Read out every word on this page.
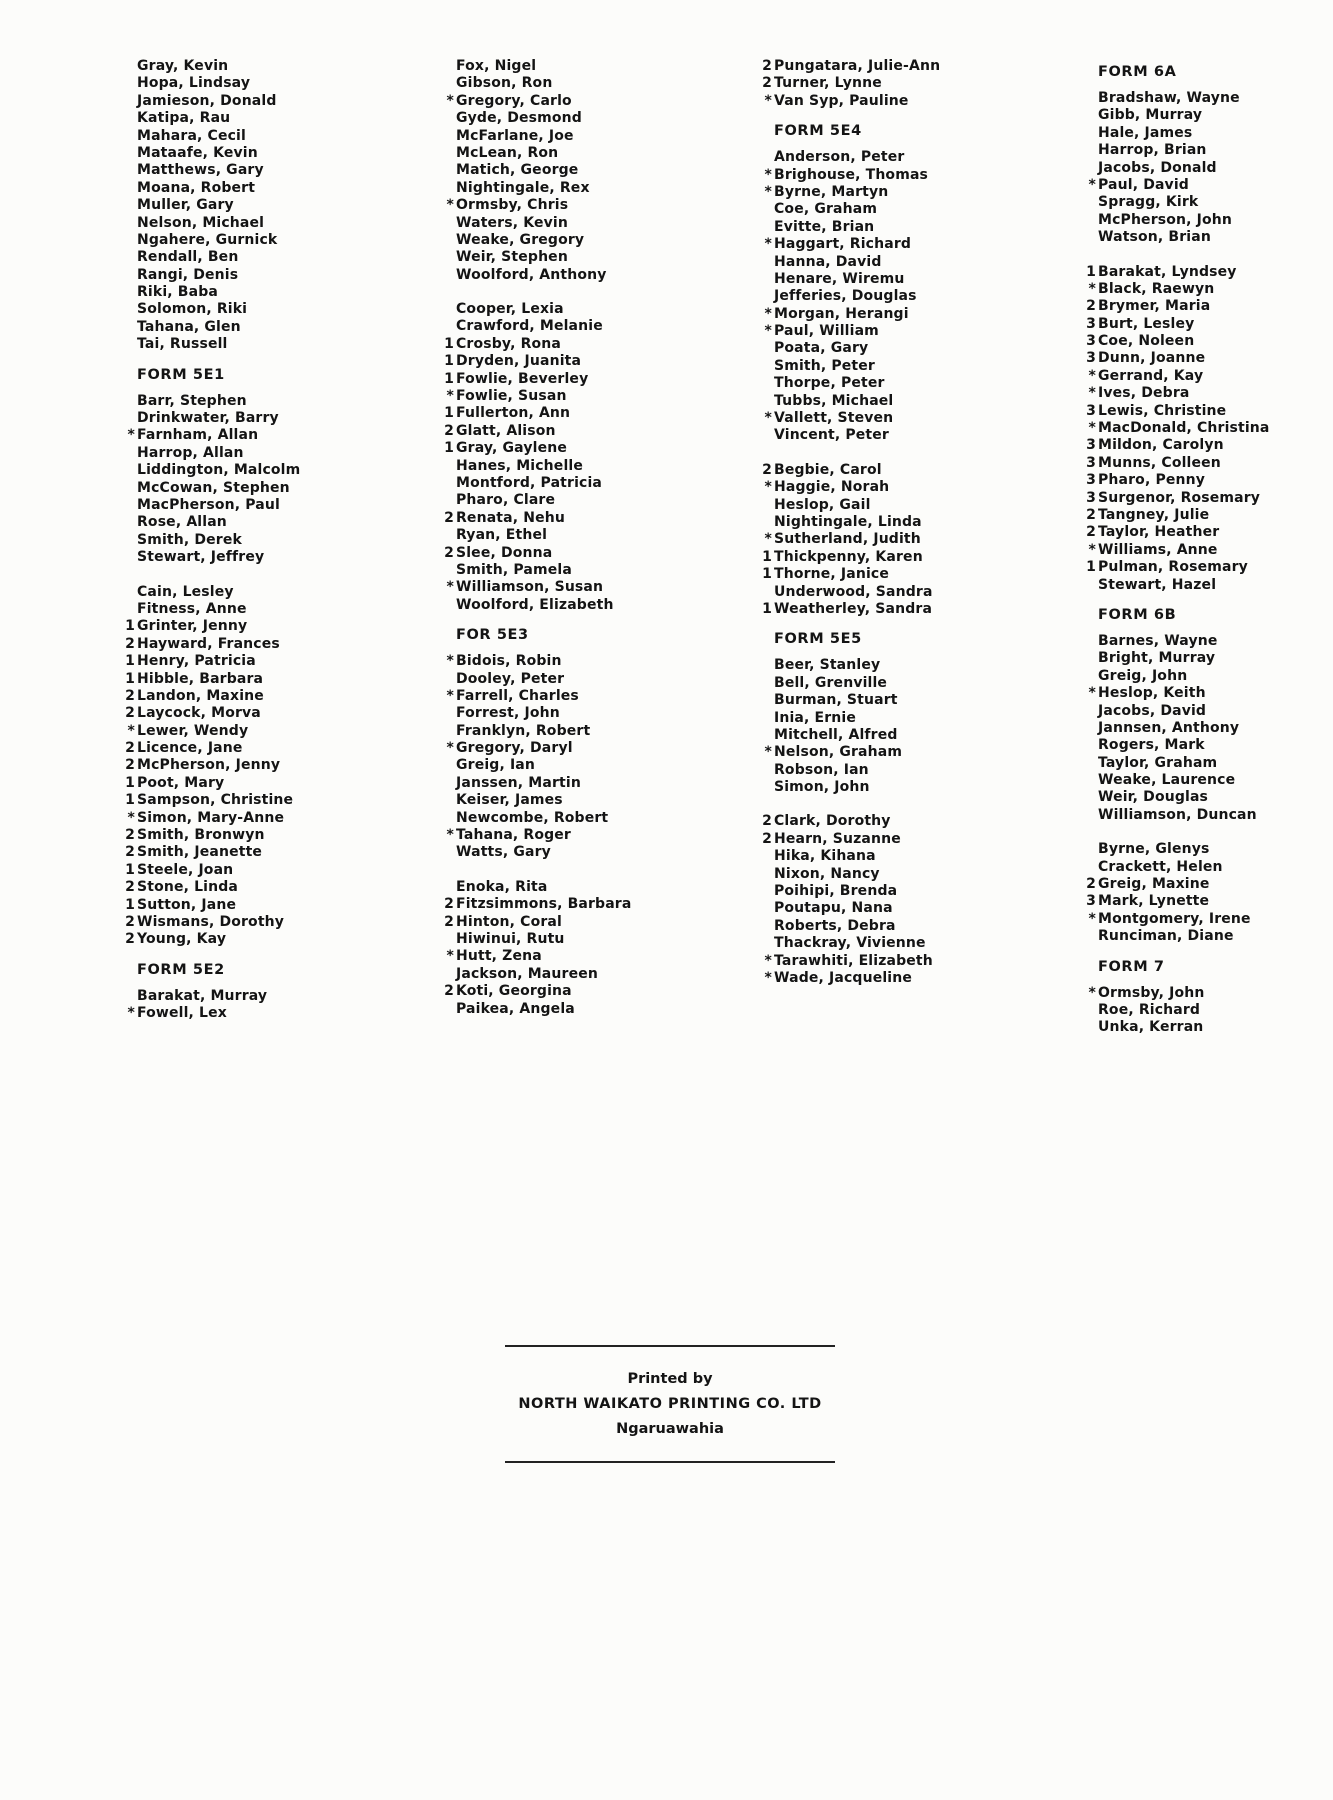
Gray, Kevin
Hopa, Lindsay
Jamieson, Donald
Katipa, Rau
Mahara, Cecil
Mataafe, Kevin
Matthews, Gary
Moana, Robert
Muller, Gary
Nelson, Michael
Ngahere, Gurnick
Rendall, Ben
Rangi, Denis
Riki, Baba
Solomon, Riki
Tahana, Glen
Tai, Russell
FORM 5E1
Barr, Stephen
Drinkwater, Barry
* Farnham, Allan
Harrop, Allan
Liddington, Malcolm
McCowan, Stephen
MacPherson, Paul
Rose, Allan
Smith, Derek
Stewart, Jeffrey
Cain, Lesley
Fitness, Anne
1 Grinter, Jenny
2 Hayward, Frances
1 Henry, Patricia
1 Hibble, Barbara
2 Landon, Maxine
2 Laycock, Morva
* Lewer, Wendy
2 Licence, Jane
2 McPherson, Jenny
1 Poot, Mary
1 Sampson, Christine
* Simon, Mary-Anne
2 Smith, Bronwyn
2 Smith, Jeanette
1 Steele, Joan
2 Stone, Linda
1 Sutton, Jane
2 Wismans, Dorothy
2 Young, Kay
FORM 5E2
Barakat, Murray
* Fowell, Lex
Fox, Nigel
Gibson, Ron
* Gregory, Carlo
Gyde, Desmond
McFarlane, Joe
McLean, Ron
Matich, George
Nightingale, Rex
* Ormsby, Chris
Waters, Kevin
Weake, Gregory
Weir, Stephen
Woolford, Anthony
Cooper, Lexia
Crawford, Melanie
1 Crosby, Rona
1 Dryden, Juanita
1 Fowlie, Beverley
* Fowlie, Susan
1 Fullerton, Ann
2 Glatt, Alison
1 Gray, Gaylene
Hanes, Michelle
Montford, Patricia
Pharo, Clare
2 Renata, Nehu
Ryan, Ethel
2 Slee, Donna
Smith, Pamela
* Williamson, Susan
Woolford, Elizabeth
FOR 5E3
* Bidois, Robin
Dooley, Peter
* Farrell, Charles
Forrest, John
Franklyn, Robert
* Gregory, Daryl
Greig, Ian
Janssen, Martin
Keiser, James
Newcombe, Robert
* Tahana, Roger
Watts, Gary
Enoka, Rita
2 Fitzsimmons, Barbara
2 Hinton, Coral
Hiwinui, Rutu
* Hutt, Zena
Jackson, Maureen
2 Koti, Georgina
Paikea, Angela
2 Pungatara, Julie-Ann
2 Turner, Lynne
* Van Syp, Pauline
FORM 5E4
Anderson, Peter
* Brighouse, Thomas
* Byrne, Martyn
Coe, Graham
Evitte, Brian
* Haggart, Richard
Hanna, David
Henare, Wiremu
Jefferies, Douglas
* Morgan, Herangi
* Paul, William
Poata, Gary
Smith, Peter
Thorpe, Peter
Tubbs, Michael
* Vallett, Steven
Vincent, Peter
2 Begbie, Carol
* Haggie, Norah
Heslop, Gail
Nightingale, Linda
* Sutherland, Judith
1 Thickpenny, Karen
1 Thorne, Janice
Underwood, Sandra
1 Weatherley, Sandra
FORM 5E5
Beer, Stanley
Bell, Grenville
Burman, Stuart
Inia, Ernie
Mitchell, Alfred
* Nelson, Graham
Robson, Ian
Simon, John
2 Clark, Dorothy
2 Hearn, Suzanne
Hika, Kihana
Nixon, Nancy
Poihipi, Brenda
Poutapu, Nana
Roberts, Debra
Thackray, Vivienne
* Tarawhiti, Elizabeth
* Wade, Jacqueline
FORM 6A
Bradshaw, Wayne
Gibb, Murray
Hale, James
Harrop, Brian
Jacobs, Donald
* Paul, David
Spragg, Kirk
McPherson, John
Watson, Brian
1 Barakat, Lyndsey
* Black, Raewyn
2 Brymer, Maria
3 Burt, Lesley
3 Coe, Noleen
3 Dunn, Joanne
* Gerrand, Kay
* Ives, Debra
3 Lewis, Christine
* MacDonald, Christina
3 Mildon, Carolyn
3 Munns, Colleen
3 Pharo, Penny
3 Surgenor, Rosemary
2 Tangney, Julie
2 Taylor, Heather
* Williams, Anne
1 Pulman, Rosemary
Stewart, Hazel
FORM 6B
Barnes, Wayne
Bright, Murray
Greig, John
* Heslop, Keith
Jacobs, David
Jannsen, Anthony
Rogers, Mark
Taylor, Graham
Weake, Laurence
Weir, Douglas
Williamson, Duncan
Byrne, Glenys
Crackett, Helen
2 Greig, Maxine
3 Mark, Lynette
* Montgomery, Irene
Runciman, Diane
FORM 7
* Ormsby, John
Roe, Richard
Unka, Kerran
Printed by
NORTH WAIKATO PRINTING CO. LTD
Ngaruawahia
